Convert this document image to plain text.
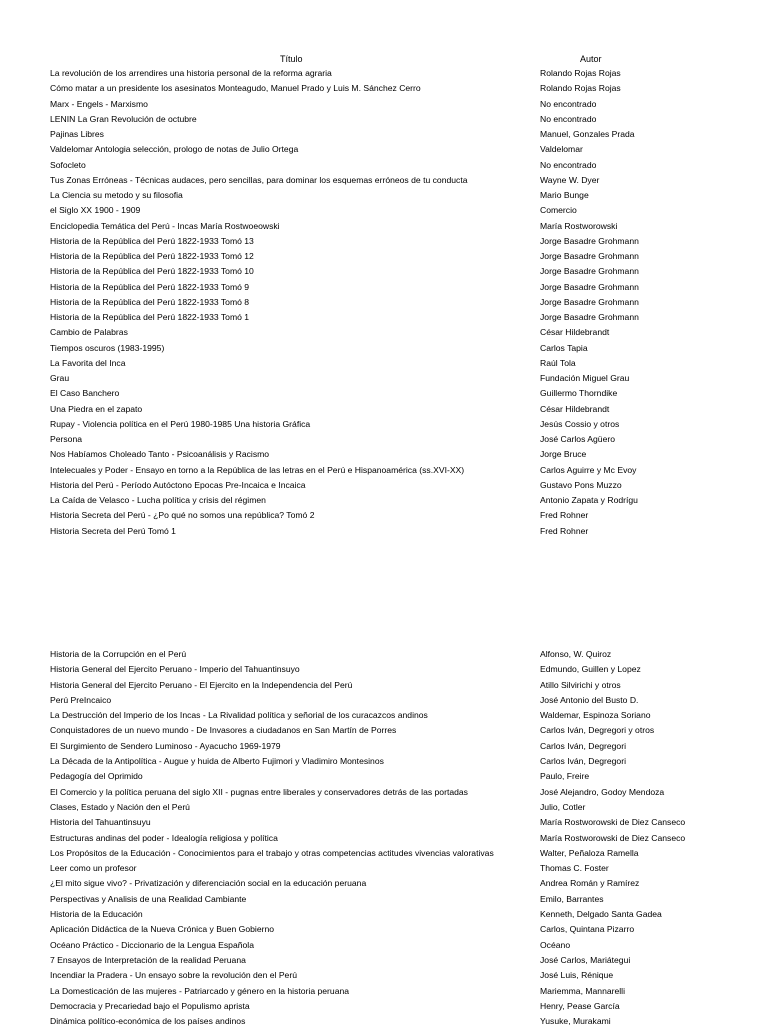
Título	Autor
La revolución de los arrendires una historia personal de la reforma agraria	Rolando Rojas Rojas
Cómo matar a un presidente los asesinatos Monteagudo, Manuel Prado y Luis M. Sánchez Cerro	Rolando Rojas Rojas
Marx - Engels - Marxismo	No encontrado
LENIN La Gran Revolución de octubre	No encontrado
Pajinas Libres	Manuel, Gonzales Prada
Valdelomar Antologia selección, prologo de notas de Julio Ortega	Valdelomar
Sofocleto	No encontrado
Tus Zonas Erróneas - Técnicas audaces, pero sencillas, para dominar los esquemas erróneos de tu conducta	Wayne W. Dyer
La Ciencia su metodo y su filosofia	Mario Bunge
el Siglo XX 1900 - 1909	Comercio
Enciclopedia Temática del Perú - Incas María Rostwoeowski	María Rostworowski
Historia de la República del Perú 1822-1933 Tomó 13	Jorge Basadre Grohmann
Historia de la República del Perú 1822-1933 Tomó 12	Jorge Basadre Grohmann
Historia de la República del Perú 1822-1933 Tomó 10	Jorge Basadre Grohmann
Historia de la República del Perú 1822-1933 Tomó 9	Jorge Basadre Grohmann
Historia de la República del Perú 1822-1933 Tomó 8	Jorge Basadre Grohmann
Historia de la República del Perú 1822-1933 Tomó 1	Jorge Basadre Grohmann
Cambio de Palabras	César Hildebrandt
Tiempos oscuros (1983-1995)	Carlos Tapia
La Favorita del Inca	Raúl Tola
Grau	Fundación Miguel Grau
El Caso Banchero	Guillermo Thorndike
Una Piedra en el zapato	César Hildebrandt
Rupay - Violencia política en el Perú 1980-1985 Una historia Gráfica	Jesús Cossio y otros
Persona	José Carlos Agüero
Nos Habíamos Choleado Tanto - Psicoanálisis y Racismo	Jorge Bruce
Intelecuales y Poder - Ensayo en torno a la República de las letras en el Perú e Hispanoamérica (ss.XVI-XX)	Carlos Aguirre y Mc Evoy
Historia del Perú - Período Autóctono Epocas Pre-Incaica e Incaica	Gustavo Pons Muzzo
La Caída de Velasco - Lucha política y crisis del régimen	Antonio Zapata y Rodrígu
Historia Secreta del Perú - ¿Po qué no somos una república? Tomó 2	Fred Rohner
Historia Secreta del Perú Tomó 1	Fred Rohner
Historia de la Corrupción en el Perú	Alfonso, W. Quiroz
Historia General del Ejercito Peruano - Imperio del Tahuantinsuyo	Edmundo, Guillen y Lopez
Historia General del Ejercito Peruano - El Ejercito en la Independencia del Perú	Atillo Silvirichi y otros
Perú PreIncaico	José Antonio del Busto D.
La Destrucción del Imperio de los Incas - La Rivalidad política y señorial de los curacazcos andinos	Waldemar, Espinoza Soriano
Conquistadores de un nuevo mundo - De Invasores a ciudadanos en San Martín de Porres	Carlos Iván, Degregori y otros
El Surgimiento de Sendero Luminoso - Ayacucho 1969-1979	Carlos Iván, Degregori
La Década de la Antipolítica - Augue y huida de Alberto Fujimori y Vladimiro Montesinos	Carlos Iván, Degregori
Pedagogía del Oprimido	Paulo, Freire
El Comercio y la política peruana del siglo XII - pugnas entre liberales y conservadores detrás de las portadas	José Alejandro, Godoy Mendoza
Clases, Estado y Nación den el Perú	Julio, Cotler
Historia del Tahuantinsuyu	María Rostworowski de Diez Canseco
Estructuras andinas del poder - Idealogía religiosa y política	María Rostworowski de Diez Canseco
Los Propósitos de la Educación - Conocimientos para el trabajo y otras competencias actitudes vivencias valorativas	Walter, Peñaloza Ramella
Leer como un profesor	Thomas C. Foster
¿El mito sigue vivo? - Privatización y diferenciación social en la educación peruana	Andrea Román y Ramírez
Perspectivas y Analisis de una Realidad Cambiante	Emilo, Barrantes
Historia de la Educación	Kenneth, Delgado Santa Gadea
Aplicación Didáctica de la Nueva Crónica y Buen Gobierno	Carlos, Quintana Pizarro
Océano Práctico - Diccionario de la Lengua Española	Océano
7 Ensayos de Interpretación de la realidad Peruana	José Carlos, Mariátegui
Incendiar la Pradera - Un ensayo sobre la revolución den el Perú	José Luis, Rénique
La Domesticación de las mujeres - Patriarcado y género en la historia peruana	Mariemma, Mannarelli
Democracia y Precariedad bajo el Populismo aprista	Henry, Pease García
Dinámica político-económica de los países andinos	Yusuke, Murakami
